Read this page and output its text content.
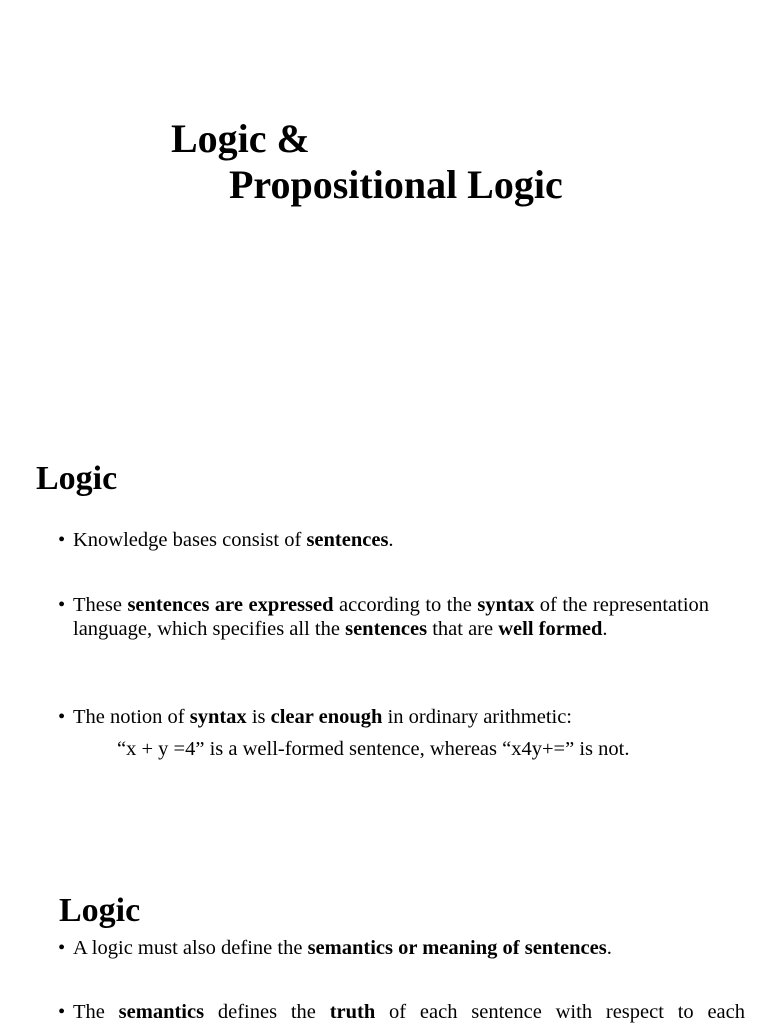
Logic &
Propositional Logic
Logic
• Knowledge bases consist of sentences.
• These sentences are expressed according to the syntax of the representation language, which specifies all the sentences that are well formed.
• The notion of syntax is clear enough in ordinary arithmetic:
“x + y =4” is a well-formed sentence, whereas “x4y+=” is not.
Logic
• A logic must also define the semantics or meaning of sentences.
• The semantics defines the truth of each sentence with respect to each
